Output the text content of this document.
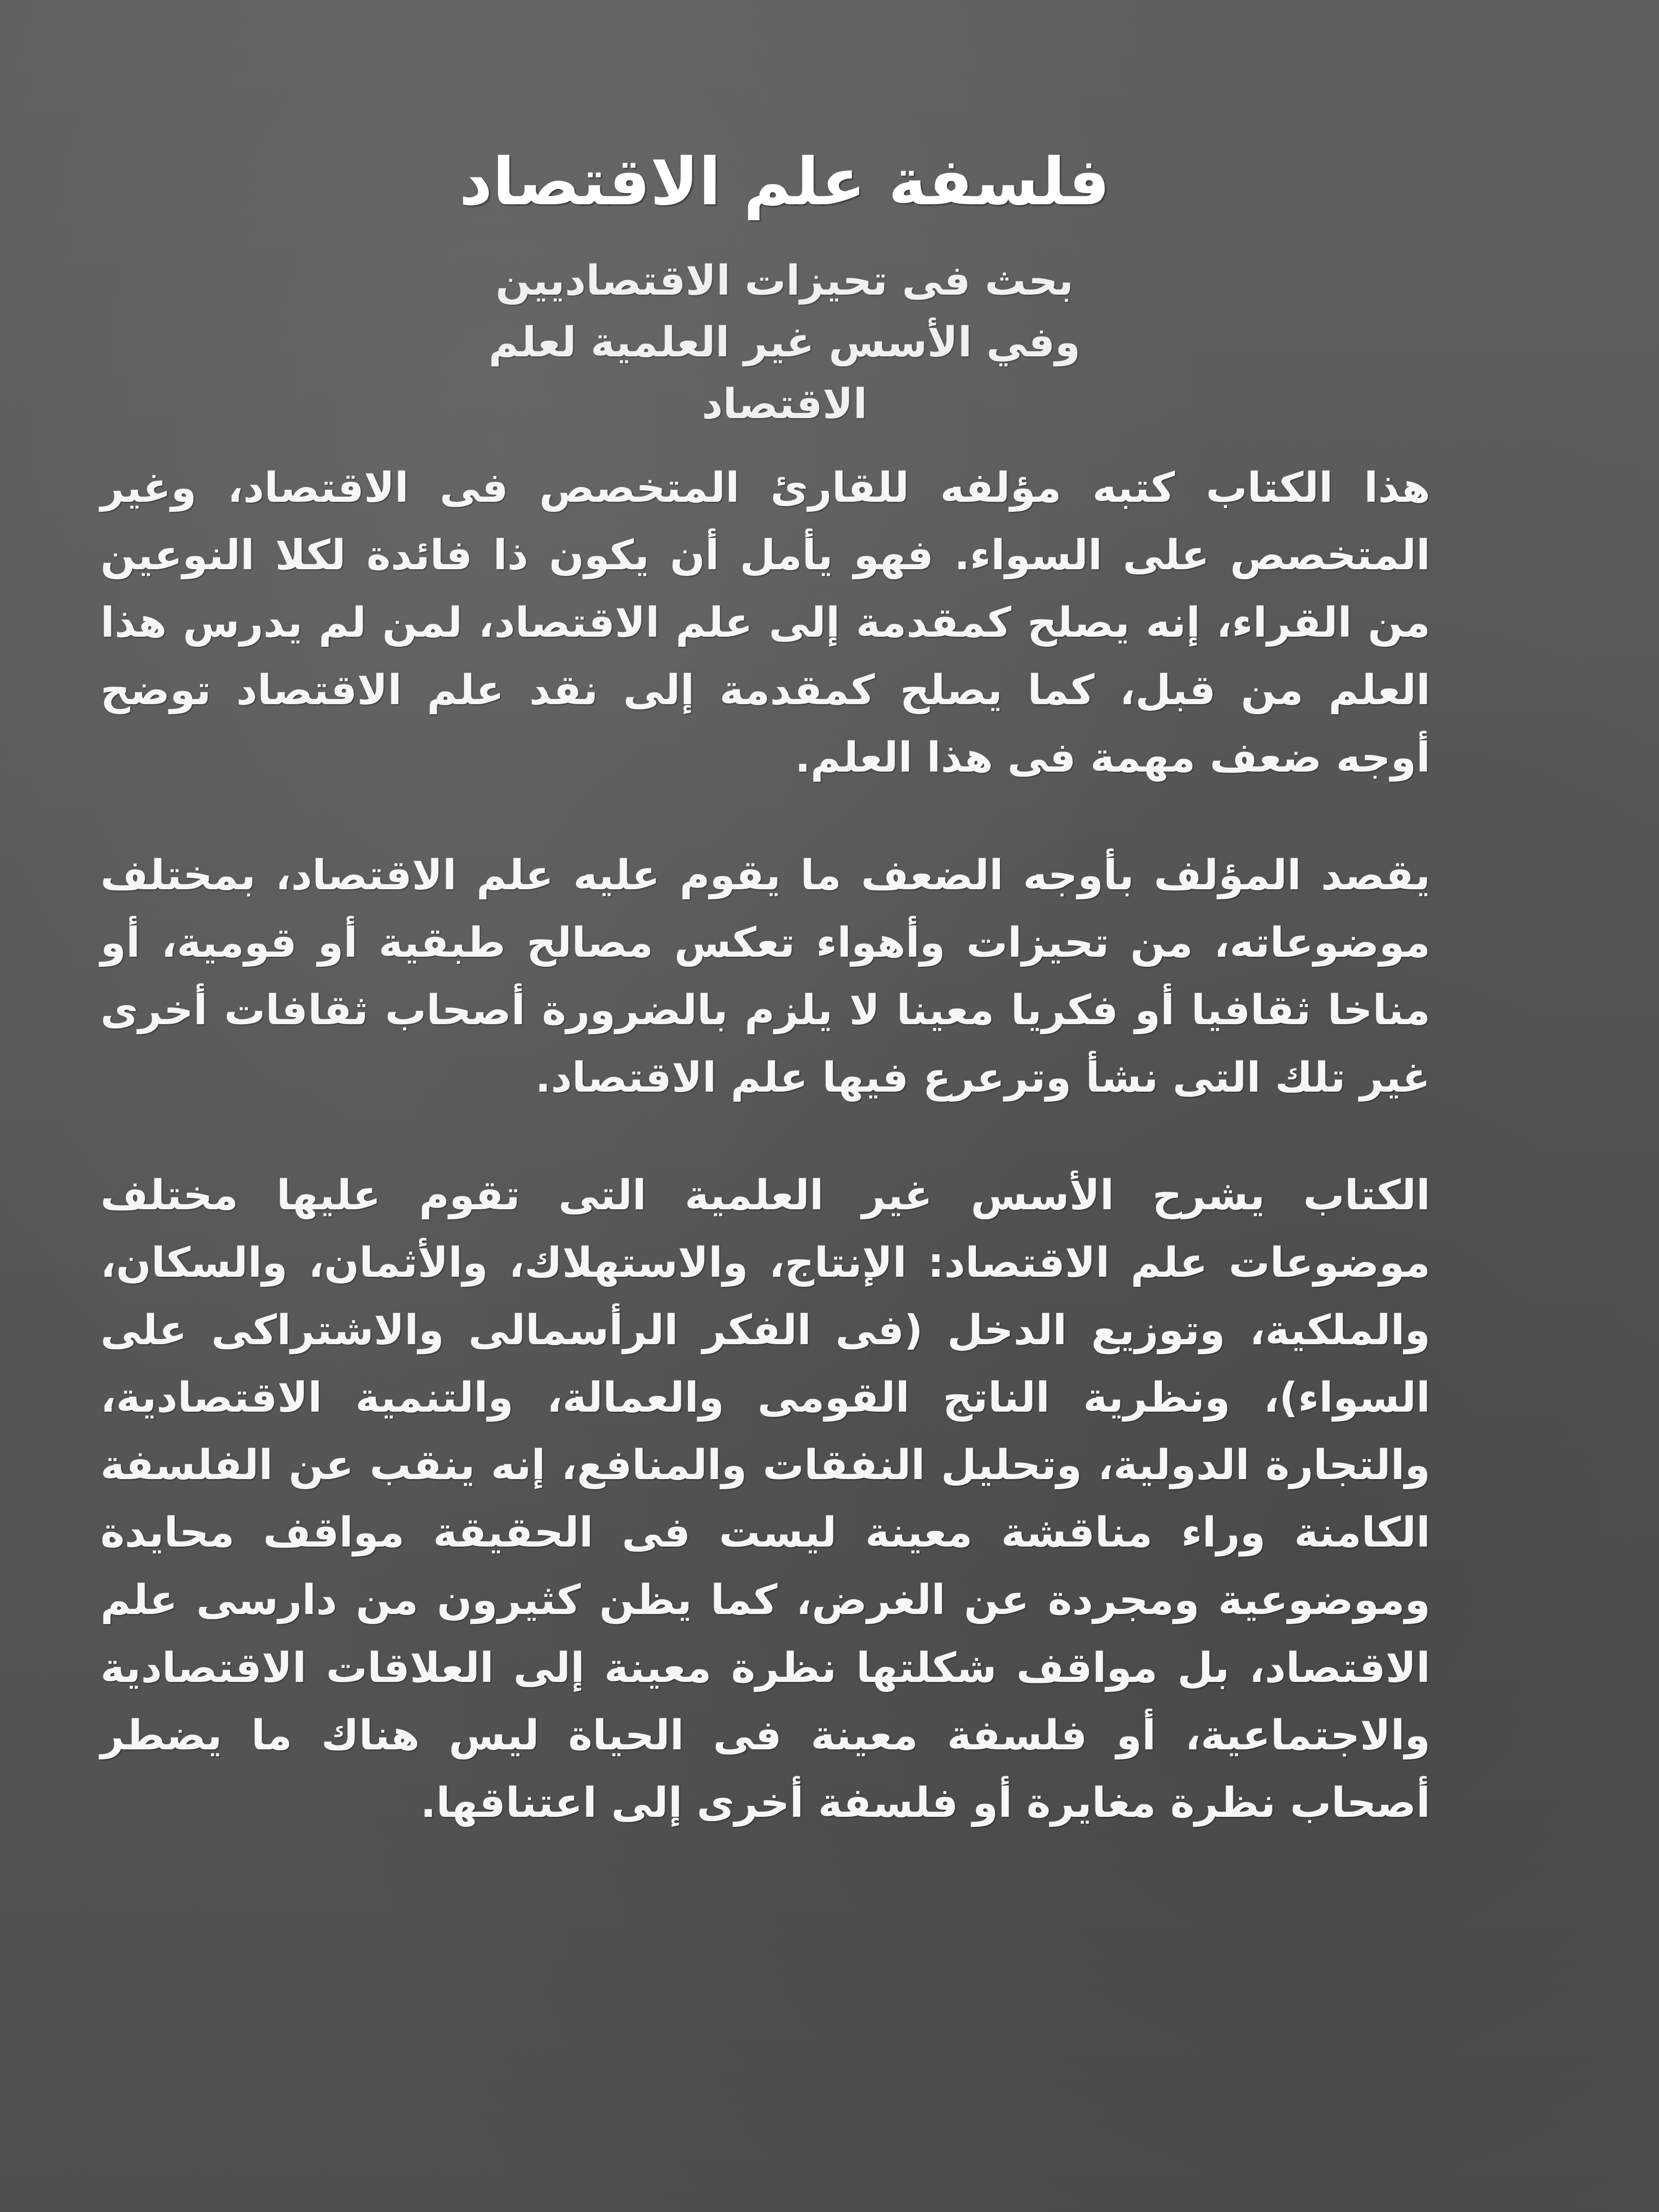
فلسفة علم الاقتصاد
بحث فى تحيزات الاقتصاديين
وفي الأسس غير العلمية لعلم الاقتصاد

هذا الكتاب كتبه مؤلفه للقارئ المتخصص فى الاقتصاد، وغير المتخصص على السواء. فهو يأمل أن يكون ذا فائدة لكلا النوعين من القراء، إنه يصلح كمقدمة إلى علم الاقتصاد، لمن لم يدرس هذا العلم من قبل، كما يصلح كمقدمة إلى نقد علم الاقتصاد توضح أوجه ضعف مهمة فى هذا العلم.

يقصد المؤلف بأوجه الضعف ما يقوم عليه علم الاقتصاد، بمختلف موضوعاته، من تحيزات وأهواء تعكس مصالح طبقية أو قومية، أو مناخا ثقافيا أو فكريا معينا لا يلزم بالضرورة أصحاب ثقافات أخرى غير تلك التى نشأ وترعرع فيها علم الاقتصاد.

الكتاب يشرح الأسس غير العلمية التى تقوم عليها مختلف موضوعات علم الاقتصاد: الإنتاج، والاستهلاك، والأثمان، والسكان، والملكية، وتوزيع الدخل (فى الفكر الرأسمالى والاشتراكى على السواء)، ونظرية الناتج القومى والعمالة، والتنمية الاقتصادية، والتجارة الدولية، وتحليل النفقات والمنافع، إنه ينقب عن الفلسفة الكامنة وراء مناقشة معينة ليست فى الحقيقة مواقف محايدة وموضوعية ومجردة عن الغرض، كما يظن كثيرون من دارسى علم الاقتصاد، بل مواقف شكلتها نظرة معينة إلى العلاقات الاقتصادية والاجتماعية، أو فلسفة معينة فى الحياة ليس هناك ما يضطر أصحاب نظرة مغايرة أو فلسفة أخرى إلى اعتناقها.
